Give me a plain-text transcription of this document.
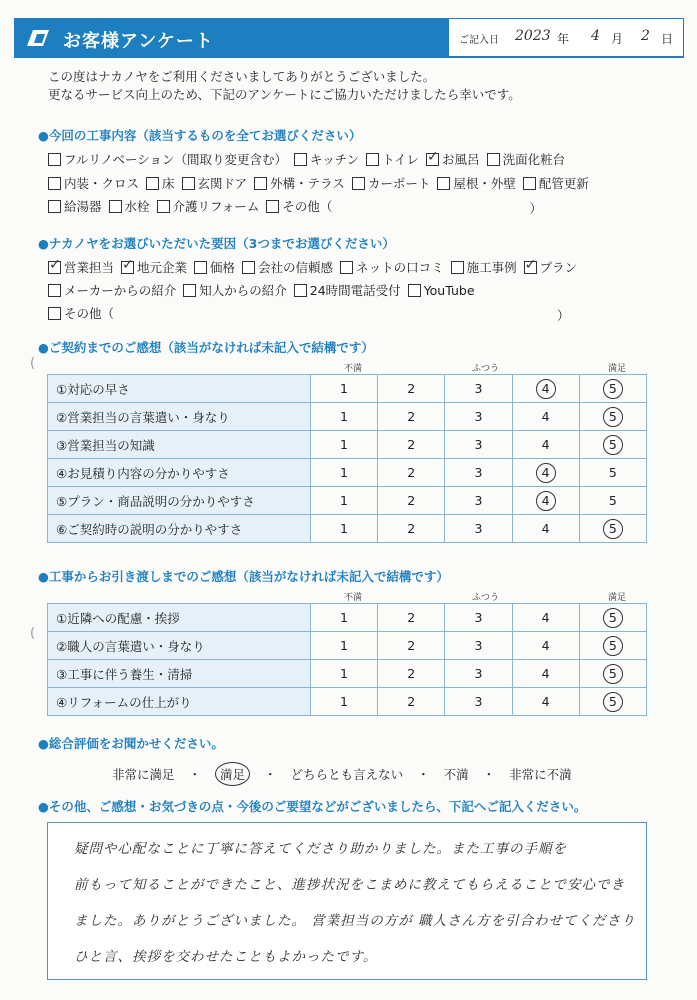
お客様アンケート	ご記入日 2023 年 4 月 2 日
この度はナカノヤをご利用くださいましてありがとうございました。
更なるサービス向上のため、下記のアンケートにご協力いただけましたら幸いです。
●今回の工事内容（該当するものを全てお選びください）
フルリノベーション（間取り変更含む） キッチン トイレ ✓ お風呂 洗面化粧台
内装・クロス 床 玄関ドア 外構・テラス カーポート 屋根・外壁 配管更新
給湯器 水栓 介護リフォーム その他（	）
●ナカノヤをお選びいただいた要因（3つまでお選びください）
✓
営業担当 ✓ 地元企業 価格 会社の信頼感 ネットの口コミ 施工事例 ✓ プラン
メーカーからの紹介 知人からの紹介 24時間電話受付 YouTube
その他（	）
●ご契約までのご感想（該当がなければ未記入で結構です）
(	不満	ふつう	満足
①対応の早さ	1	2	3	4	5
②営業担当の言葉遣い・身なり	1	2	3	4	5
③営業担当の知識	1	2	3	4	5
④お見積り内容の分かりやすさ	1	2	3	4	5
⑤プラン・商品説明の分かりやすさ	1	2	3	4	5
⑥ご契約時の説明の分かりやすさ	1	2	3	4	5
●工事からお引き渡しまでのご感想（該当がなければ未記入で結構です）
(
不満	ふつう	満足
①近隣への配慮・挨拶	1	2	3	4	5
②職人の言葉遣い・身なり	1	2	3	4	5
③工事に伴う養生・清掃	1	2	3	4	5
④リフォームの仕上がり	1	2	3	4	5
●総合評価をお聞かせください。
非常に満足 ・ 満足 ・ どちらとも言えない ・ 不満 ・ 非常に不満
●その他、ご感想・お気づきの点・今後のご要望などがございましたら、下記へご記入ください。
疑問や心配なことに丁寧に答えてくださり助かりました。また工事の手順を
前もって知ることができたこと、進捗状況をこまめに教えてもらえることで安心でき
ました。ありがとうございました。 営業担当の方が 職人さん方を引合わせてくださり
ひと言、挨拶を交わせたこともよかったです。
